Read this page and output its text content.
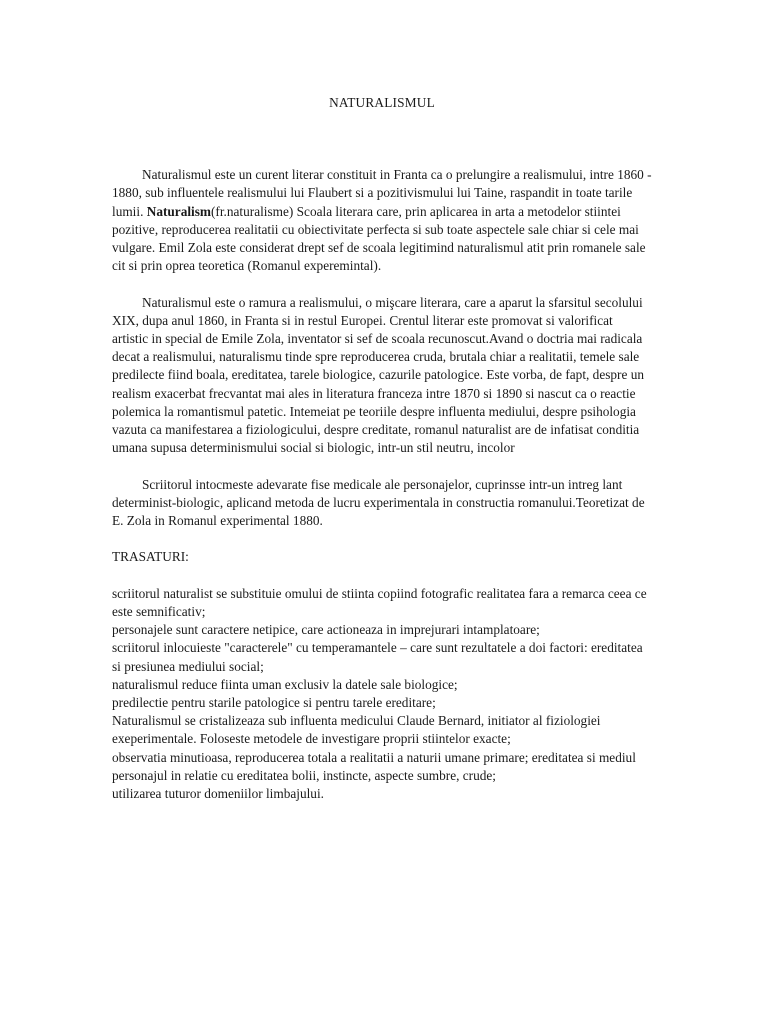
NATURALISMUL

Naturalismul este un curent literar constituit in Franta ca o prelungire a realismului, intre 1860 - 1880, sub influentele realismului lui Flaubert si a pozitivismului lui Taine, raspandit in toate tarile lumii. Naturalism(fr.naturalisme) Scoala literara care, prin aplicarea in arta a metodelor stiintei pozitive, reproducerea realitatii cu obiectivitate perfecta si sub toate aspectele sale chiar si cele mai vulgare. Emil Zola este considerat drept sef de scoala legitimind naturalismul atit prin romanele sale cit si prin oprea teoretica (Romanul experemintal).

Naturalismul este o ramura a realismului, o mişcare literara, care a aparut la sfarsitul secolului XIX, dupa anul 1860, in Franta si in restul Europei. Crentul literar este promovat si valorificat artistic in special de Emile Zola, inventator si sef de scoala recunoscut.Avand o doctria mai radicala decat a realismului, naturalismu tinde spre reproducerea cruda, brutala chiar a realitatii, temele sale predilecte fiind boala, ereditatea, tarele biologice, cazurile patologice. Este vorba, de fapt, despre un realism exacerbat frecvantat mai ales in literatura franceza intre 1870 si 1890 si nascut ca o reactie polemica la romantismul patetic. Intemeiat pe teoriile despre influenta mediului, despre psihologia vazuta ca manifestarea a fiziologicului, despre creditate, romanul naturalist are de infatisat conditia umana supusa determinismului social si biologic, intr-un stil neutru, incolor

Scriitorul intocmeste adevarate fise medicale ale personajelor, cuprinsse intr-un intreg lant determinist-biologic, aplicand metoda de lucru experimentala in constructia romanului.Teoretizat de E. Zola in Romanul experimental 1880.

TRASATURI:

scriitorul naturalist se substituie omului de stiinta copiind fotografic realitatea fara a remarca ceea ce este semnificativ;
personajele sunt caractere netipice, care actioneaza in imprejurari intamplatoare;
scriitorul inlocuieste "caracterele" cu temperamantele – care sunt rezultatele a doi factori: ereditatea si presiunea mediului social;
naturalismul reduce fiinta uman exclusiv la datele sale biologice;
predilectie pentru starile patologice si pentru tarele ereditare;
Naturalismul se cristalizeaza sub influenta medicului Claude Bernard, initiator al fiziologiei exeperimentale. Foloseste metodele de investigare proprii stiintelor exacte;
observatia minutioasa, reproducerea totala a realitatii a naturii umane primare; ereditatea si mediul personajul in relatie cu ereditatea bolii, instincte, aspecte sumbre, crude;
utilizarea tuturor domeniilor limbajului.
